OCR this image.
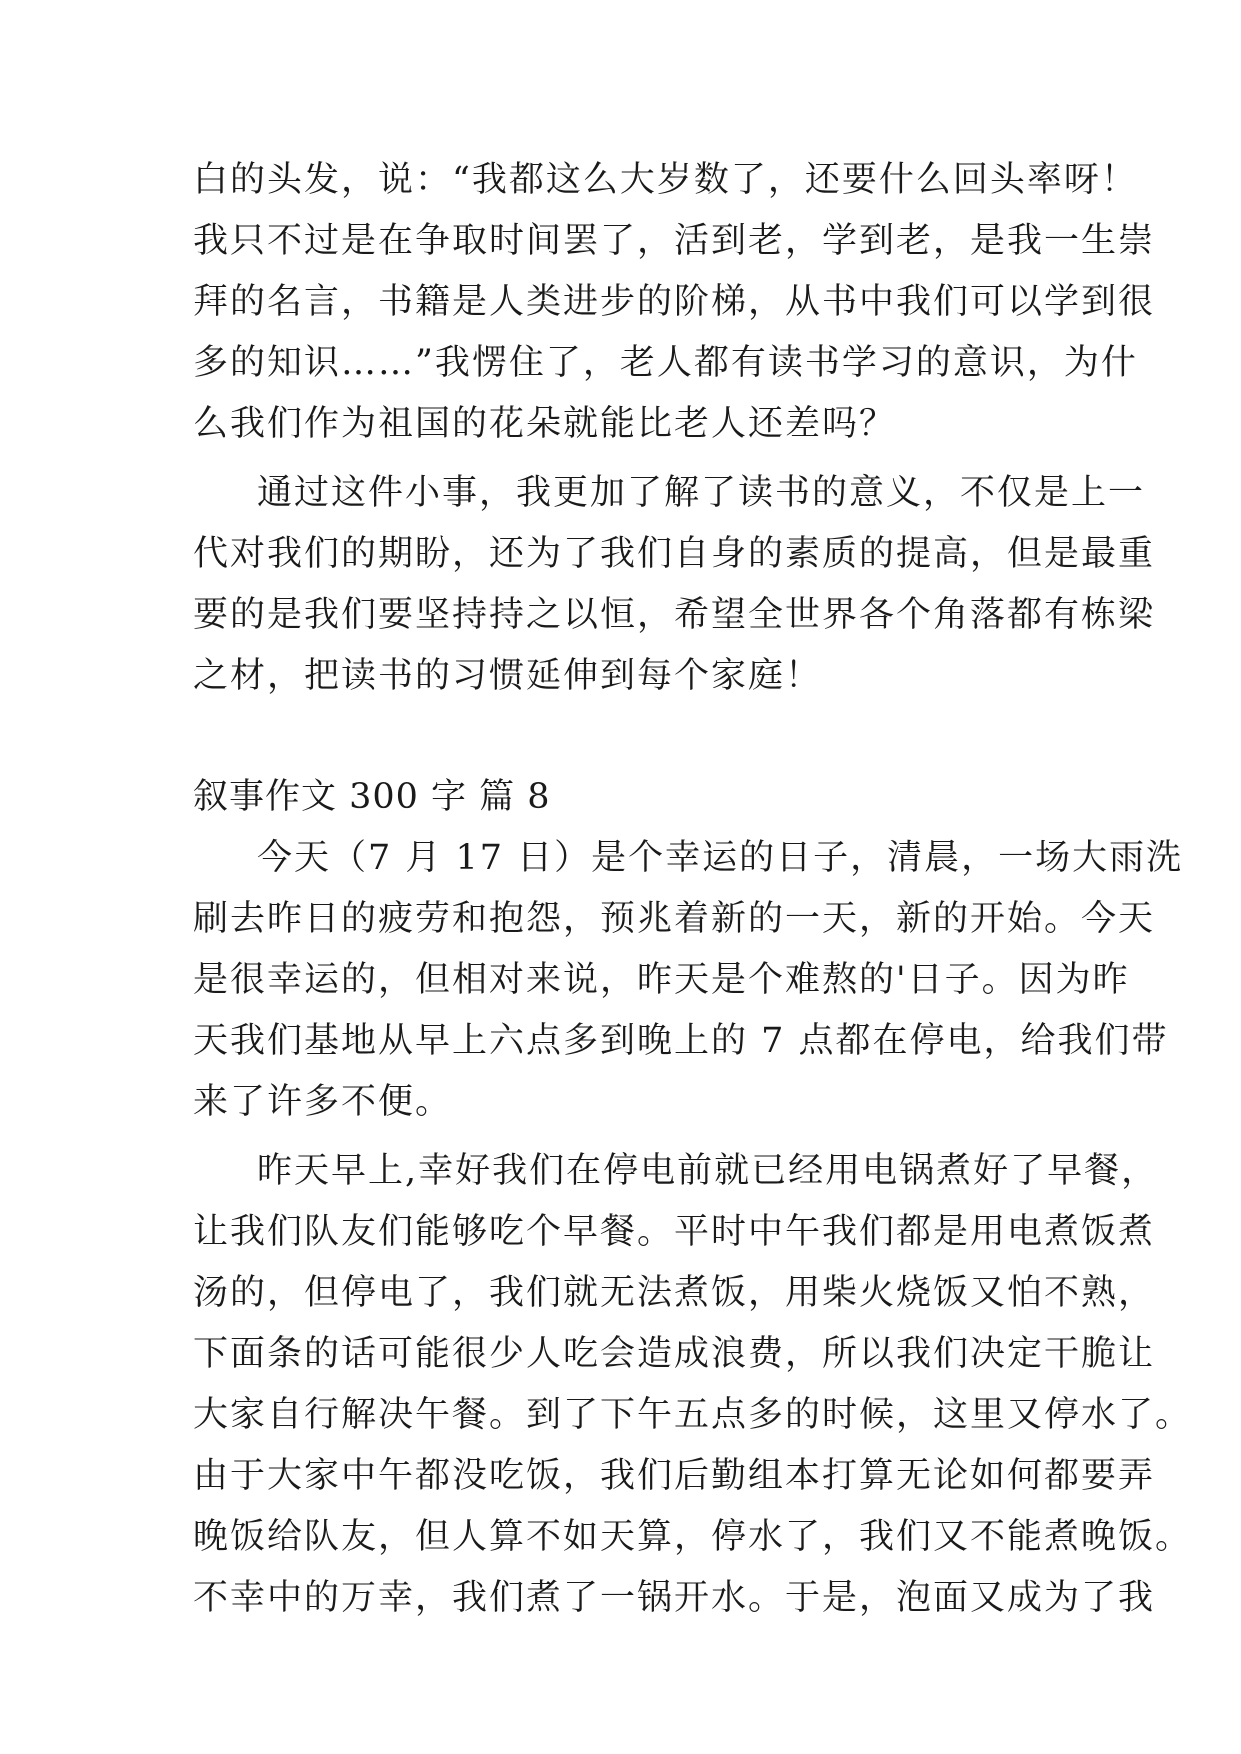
白的头发，说：“我都这么大岁数了，还要什么回头率呀！
我只不过是在争取时间罢了，活到老，学到老，是我一生崇
拜的名言，书籍是人类进步的阶梯，从书中我们可以学到很
多的知识……”我愣住了，老人都有读书学习的意识，为什
么我们作为祖国的花朵就能比老人还差吗？
通过这件小事，我更加了解了读书的意义，不仅是上一
代对我们的期盼，还为了我们自身的素质的提高，但是最重
要的是我们要坚持持之以恒，希望全世界各个角落都有栋梁
之材，把读书的习惯延伸到每个家庭！
叙事作文 300 字 篇 8
今天（7 月 17 日）是个幸运的日子，清晨，一场大雨洗
刷去昨日的疲劳和抱怨，预兆着新的一天，新的开始。今天
是很幸运的，但相对来说，昨天是个难熬的'日子。因为昨
天我们基地从早上六点多到晚上的 7 点都在停电，给我们带
来了许多不便。
昨天早上,幸好我们在停电前就已经用电锅煮好了早餐，
让我们队友们能够吃个早餐。平时中午我们都是用电煮饭煮
汤的，但停电了，我们就无法煮饭，用柴火烧饭又怕不熟，
下面条的话可能很少人吃会造成浪费，所以我们决定干脆让
大家自行解决午餐。到了下午五点多的时候，这里又停水了。
由于大家中午都没吃饭，我们后勤组本打算无论如何都要弄
晚饭给队友，但人算不如天算，停水了，我们又不能煮晚饭。
不幸中的万幸，我们煮了一锅开水。于是，泡面又成为了我
